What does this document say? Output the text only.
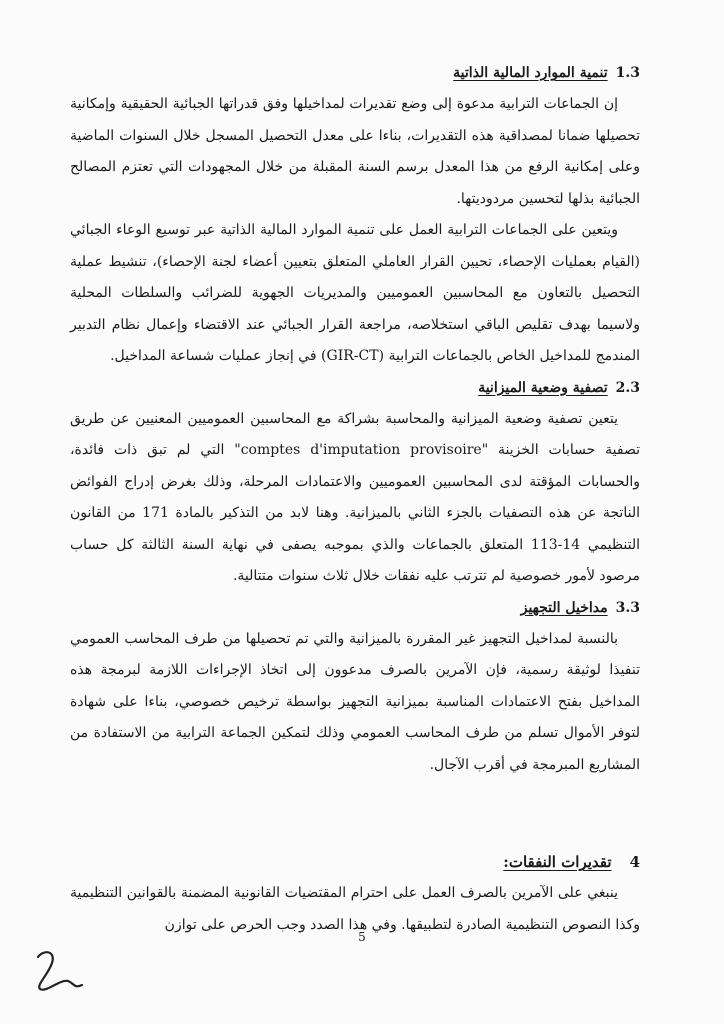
1.3
تنمية الموارد المالية الذاتية

إن الجماعات الترابية مدعوة إلى وضع تقديرات لمداخيلها وفق قدراتها الجبائية الحقيقية وإمكانية تحصيلها ضمانا لمصداقية هذه التقديرات، بناءا على معدل التحصيل المسجل خلال السنوات الماضية وعلى إمكانية الرفع من هذا المعدل برسم السنة المقبلة من خلال المجهودات التي تعتزم المصالح الجبائية بذلها لتحسين مردوديتها.

ويتعين على الجماعات الترابية العمل على تنمية الموارد المالية الذاتية عبر توسيع الوعاء الجبائي (القيام بعمليات الإحصاء، تحيين القرار العاملي المتعلق بتعيين أعضاء لجنة الإحصاء)، تنشيط عملية التحصيل بالتعاون مع المحاسبين العموميين والمديريات الجهوية للضرائب والسلطات المحلية ولاسيما بهدف تقليص الباقي استخلاصه، مراجعة القرار الجبائي عند الاقتضاء وإعمال نظام التدبير المندمج للمداخيل الخاص بالجماعات الترابية (GIR-CT) في إنجاز عمليات شساعة المداخيل.

2.3
تصفية وضعية الميزانية

يتعين تصفية وضعية الميزانية والمحاسبة بشراكة مع المحاسبين العموميين المعنيين عن طريق تصفية حسابات الخزينة "comptes d'imputation provisoire" التي لم تبق ذات فائدة، والحسابات المؤقتة لدى المحاسبين العموميين والاعتمادات المرحلة، وذلك بغرض إدراج الفوائض الناتجة عن هذه التصفيات بالجزء الثاني بالميزانية. وهنا لابد من التذكير بالمادة 171 من القانون التنظيمي 14-113 المتعلق بالجماعات والذي بموجبه يصفى في نهاية السنة الثالثة كل حساب مرصود لأمور خصوصية لم تترتب عليه نفقات خلال ثلاث سنوات متتالية.

3.3
مداخيل التجهيز

بالنسبة لمداخيل التجهيز غير المقررة بالميزانية والتي تم تحصيلها من طرف المحاسب العمومي تنفيذا لوثيقة رسمية، فإن الآمرين بالصرف مدعوون إلى اتخاذ الإجراءات اللازمة لبرمجة هذه المداخيل بفتح الاعتمادات المناسبة بميزانية التجهيز بواسطة ترخيص خصوصي، بناءا على شهادة لتوفر الأموال تسلم من طرف المحاسب العمومي وذلك لتمكين الجماعة الترابية من الاستفادة من المشاريع المبرمجة في أقرب الآجال.

4
تقديرات النفقات:

ينبغي على الآمرين بالصرف العمل على احترام المقتضيات القانونية المضمنة بالقوانين التنظيمية وكذا النصوص التنظيمية الصادرة لتطبيقها. وفي هذا الصدد وجب الحرص على توازن

5
